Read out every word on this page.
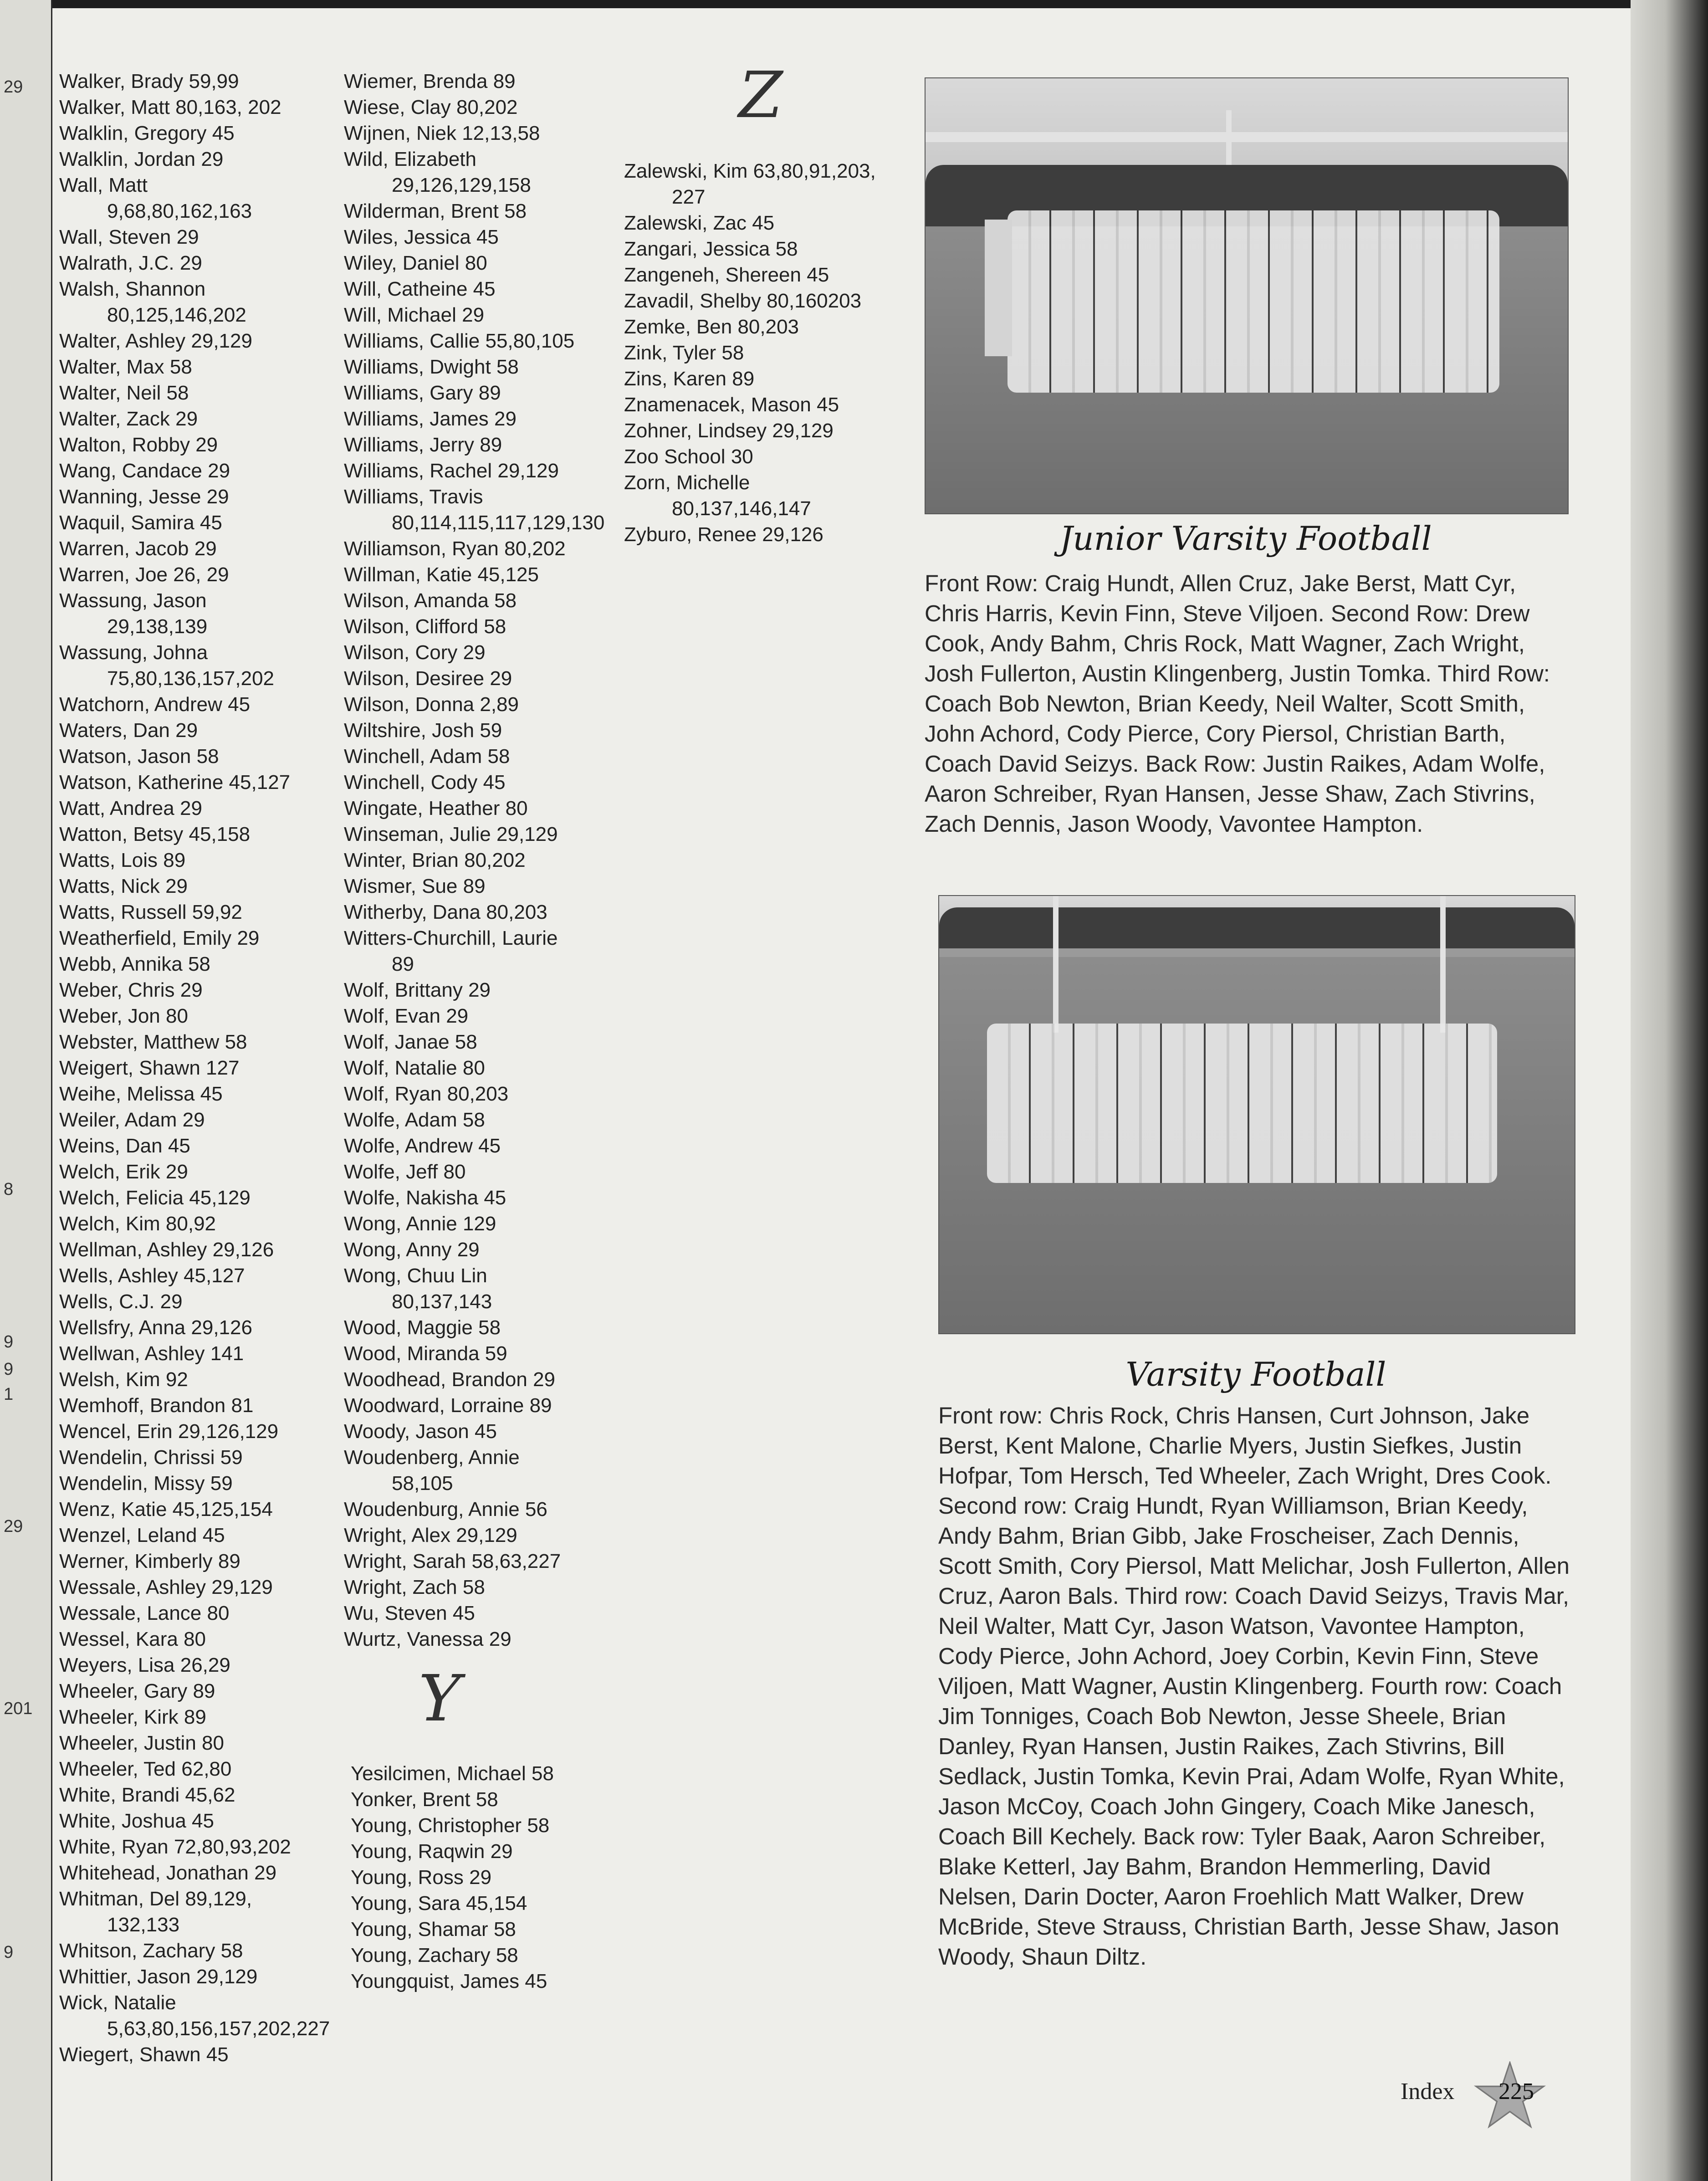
29
8
9
9
1
29
201
9
Walker, Brady 59,99
Walker, Matt 80,163, 202
Walklin, Gregory 45
Walklin, Jordan 29
Wall, Matt
9,68,80,162,163
Wall, Steven 29
Walrath, J.C. 29
Walsh, Shannon
80,125,146,202
Walter, Ashley 29,129
Walter, Max 58
Walter, Neil 58
Walter, Zack 29
Walton, Robby 29
Wang, Candace 29
Wanning, Jesse 29
Waquil, Samira 45
Warren, Jacob 29
Warren, Joe 26, 29
Wassung, Jason
29,138,139
Wassung, Johna
75,80,136,157,202
Watchorn, Andrew 45
Waters, Dan 29
Watson, Jason 58
Watson, Katherine 45,127
Watt, Andrea 29
Watton, Betsy 45,158
Watts, Lois 89
Watts, Nick 29
Watts, Russell 59,92
Weatherfield, Emily 29
Webb, Annika 58
Weber, Chris 29
Weber, Jon 80
Webster, Matthew 58
Weigert, Shawn 127
Weihe, Melissa 45
Weiler, Adam 29
Weins, Dan 45
Welch, Erik 29
Welch, Felicia 45,129
Welch, Kim 80,92
Wellman, Ashley 29,126
Wells, Ashley 45,127
Wells, C.J. 29
Wellsfry, Anna 29,126
Wellwan, Ashley 141
Welsh, Kim 92
Wemhoff, Brandon 81
Wencel, Erin 29,126,129
Wendelin, Chrissi 59
Wendelin, Missy 59
Wenz, Katie 45,125,154
Wenzel, Leland 45
Werner, Kimberly 89
Wessale, Ashley 29,129
Wessale, Lance 80
Wessel, Kara 80
Weyers, Lisa 26,29
Wheeler, Gary 89
Wheeler, Kirk 89
Wheeler, Justin 80
Wheeler, Ted 62,80
White, Brandi 45,62
White, Joshua 45
White, Ryan 72,80,93,202
Whitehead, Jonathan 29
Whitman, Del 89,129,
132,133
Whitson, Zachary 58
Whittier, Jason 29,129
Wick, Natalie
5,63,80,156,157,202,227
Wiegert, Shawn 45
Wiemer, Brenda 89
Wiese, Clay 80,202
Wijnen, Niek 12,13,58
Wild, Elizabeth
29,126,129,158
Wilderman, Brent 58
Wiles, Jessica 45
Wiley, Daniel 80
Will, Catheine 45
Will, Michael 29
Williams, Callie 55,80,105
Williams, Dwight 58
Williams, Gary 89
Williams, James 29
Williams, Jerry 89
Williams, Rachel 29,129
Williams, Travis
80,114,115,117,129,130
Williamson, Ryan 80,202
Willman, Katie 45,125
Wilson, Amanda 58
Wilson, Clifford 58
Wilson, Cory 29
Wilson, Desiree 29
Wilson, Donna 2,89
Wiltshire, Josh 59
Winchell, Adam 58
Winchell, Cody 45
Wingate, Heather 80
Winseman, Julie 29,129
Winter, Brian 80,202
Wismer, Sue 89
Witherby, Dana 80,203
Witters-Churchill, Laurie
89
Wolf, Brittany 29
Wolf, Evan 29
Wolf, Janae 58
Wolf, Natalie 80
Wolf, Ryan 80,203
Wolfe, Adam 58
Wolfe, Andrew 45
Wolfe, Jeff 80
Wolfe, Nakisha 45
Wong, Annie 129
Wong, Anny 29
Wong, Chuu Lin
80,137,143
Wood, Maggie 58
Wood, Miranda 59
Woodhead, Brandon 29
Woodward, Lorraine 89
Woody, Jason 45
Woudenberg, Annie
58,105
Woudenburg, Annie 56
Wright, Alex 29,129
Wright, Sarah 58,63,227
Wright, Zach 58
Wu, Steven 45
Wurtz, Vanessa 29
Y
Yesilcimen, Michael 58
Yonker, Brent 58
Young, Christopher 58
Young, Raqwin 29
Young, Ross 29
Young, Sara 45,154
Young, Shamar 58
Young, Zachary 58
Youngquist, James 45
Z
Zalewski, Kim 63,80,91,203,
227
Zalewski, Zac 45
Zangari, Jessica 58
Zangeneh, Shereen 45
Zavadil, Shelby 80,160203
Zemke, Ben 80,203
Zink, Tyler 58
Zins, Karen 89
Znamenacek, Mason 45
Zohner, Lindsey 29,129
Zoo School 30
Zorn, Michelle
80,137,146,147
Zyburo, Renee 29,126	Junior Varsity Football
Front Row: Craig Hundt, Allen Cruz, Jake Berst, Matt Cyr, Chris Harris, Kevin Finn, Steve Viljoen. Second Row: Drew Cook, Andy Bahm, Chris Rock, Matt Wagner, Zach Wright, Josh Fullerton, Austin Klingenberg, Justin Tomka. Third Row: Coach Bob Newton, Brian Keedy, Neil Walter, Scott Smith, John Achord, Cody Pierce, Cory Piersol, Christian Barth, Coach David Seizys. Back Row: Justin Raikes, Adam Wolfe, Aaron Schreiber, Ryan Hansen, Jesse Shaw, Zach Stivrins, Zach Dennis, Jason Woody, Vavontee Hampton.
Varsity Football
Front row: Chris Rock, Chris Hansen, Curt Johnson, Jake Berst, Kent Malone, Charlie Myers, Justin Siefkes, Justin Hofpar, Tom Hersch, Ted Wheeler, Zach Wright, Dres Cook. Second row: Craig Hundt, Ryan Williamson, Brian Keedy, Andy Bahm, Brian Gibb, Jake Froscheiser, Zach Dennis, Scott Smith, Cory Piersol, Matt Melichar, Josh Fullerton, Allen Cruz, Aaron Bals. Third row: Coach David Seizys, Travis Mar, Neil Walter, Matt Cyr, Jason Watson, Vavontee Hampton, Cody Pierce, John Achord, Joey Corbin, Kevin Finn, Steve Viljoen, Matt Wagner, Austin Klingenberg. Fourth row: Coach Jim Tonniges, Coach Bob Newton, Jesse Sheele, Brian Danley, Ryan Hansen, Justin Raikes, Zach Stivrins, Bill Sedlack, Justin Tomka, Kevin Prai, Adam Wolfe, Ryan White, Jason McCoy, Coach John Gingery, Coach Mike Janesch, Coach Bill Kechely. Back row: Tyler Baak, Aaron Schreiber, Blake Ketterl, Jay Bahm, Brandon Hemmerling, David Nelsen, Darin Docter, Aaron Froehlich Matt Walker, Drew McBride, Steve Strauss, Christian Barth, Jesse Shaw, Jason Woody, Shaun Diltz.
Index 225
